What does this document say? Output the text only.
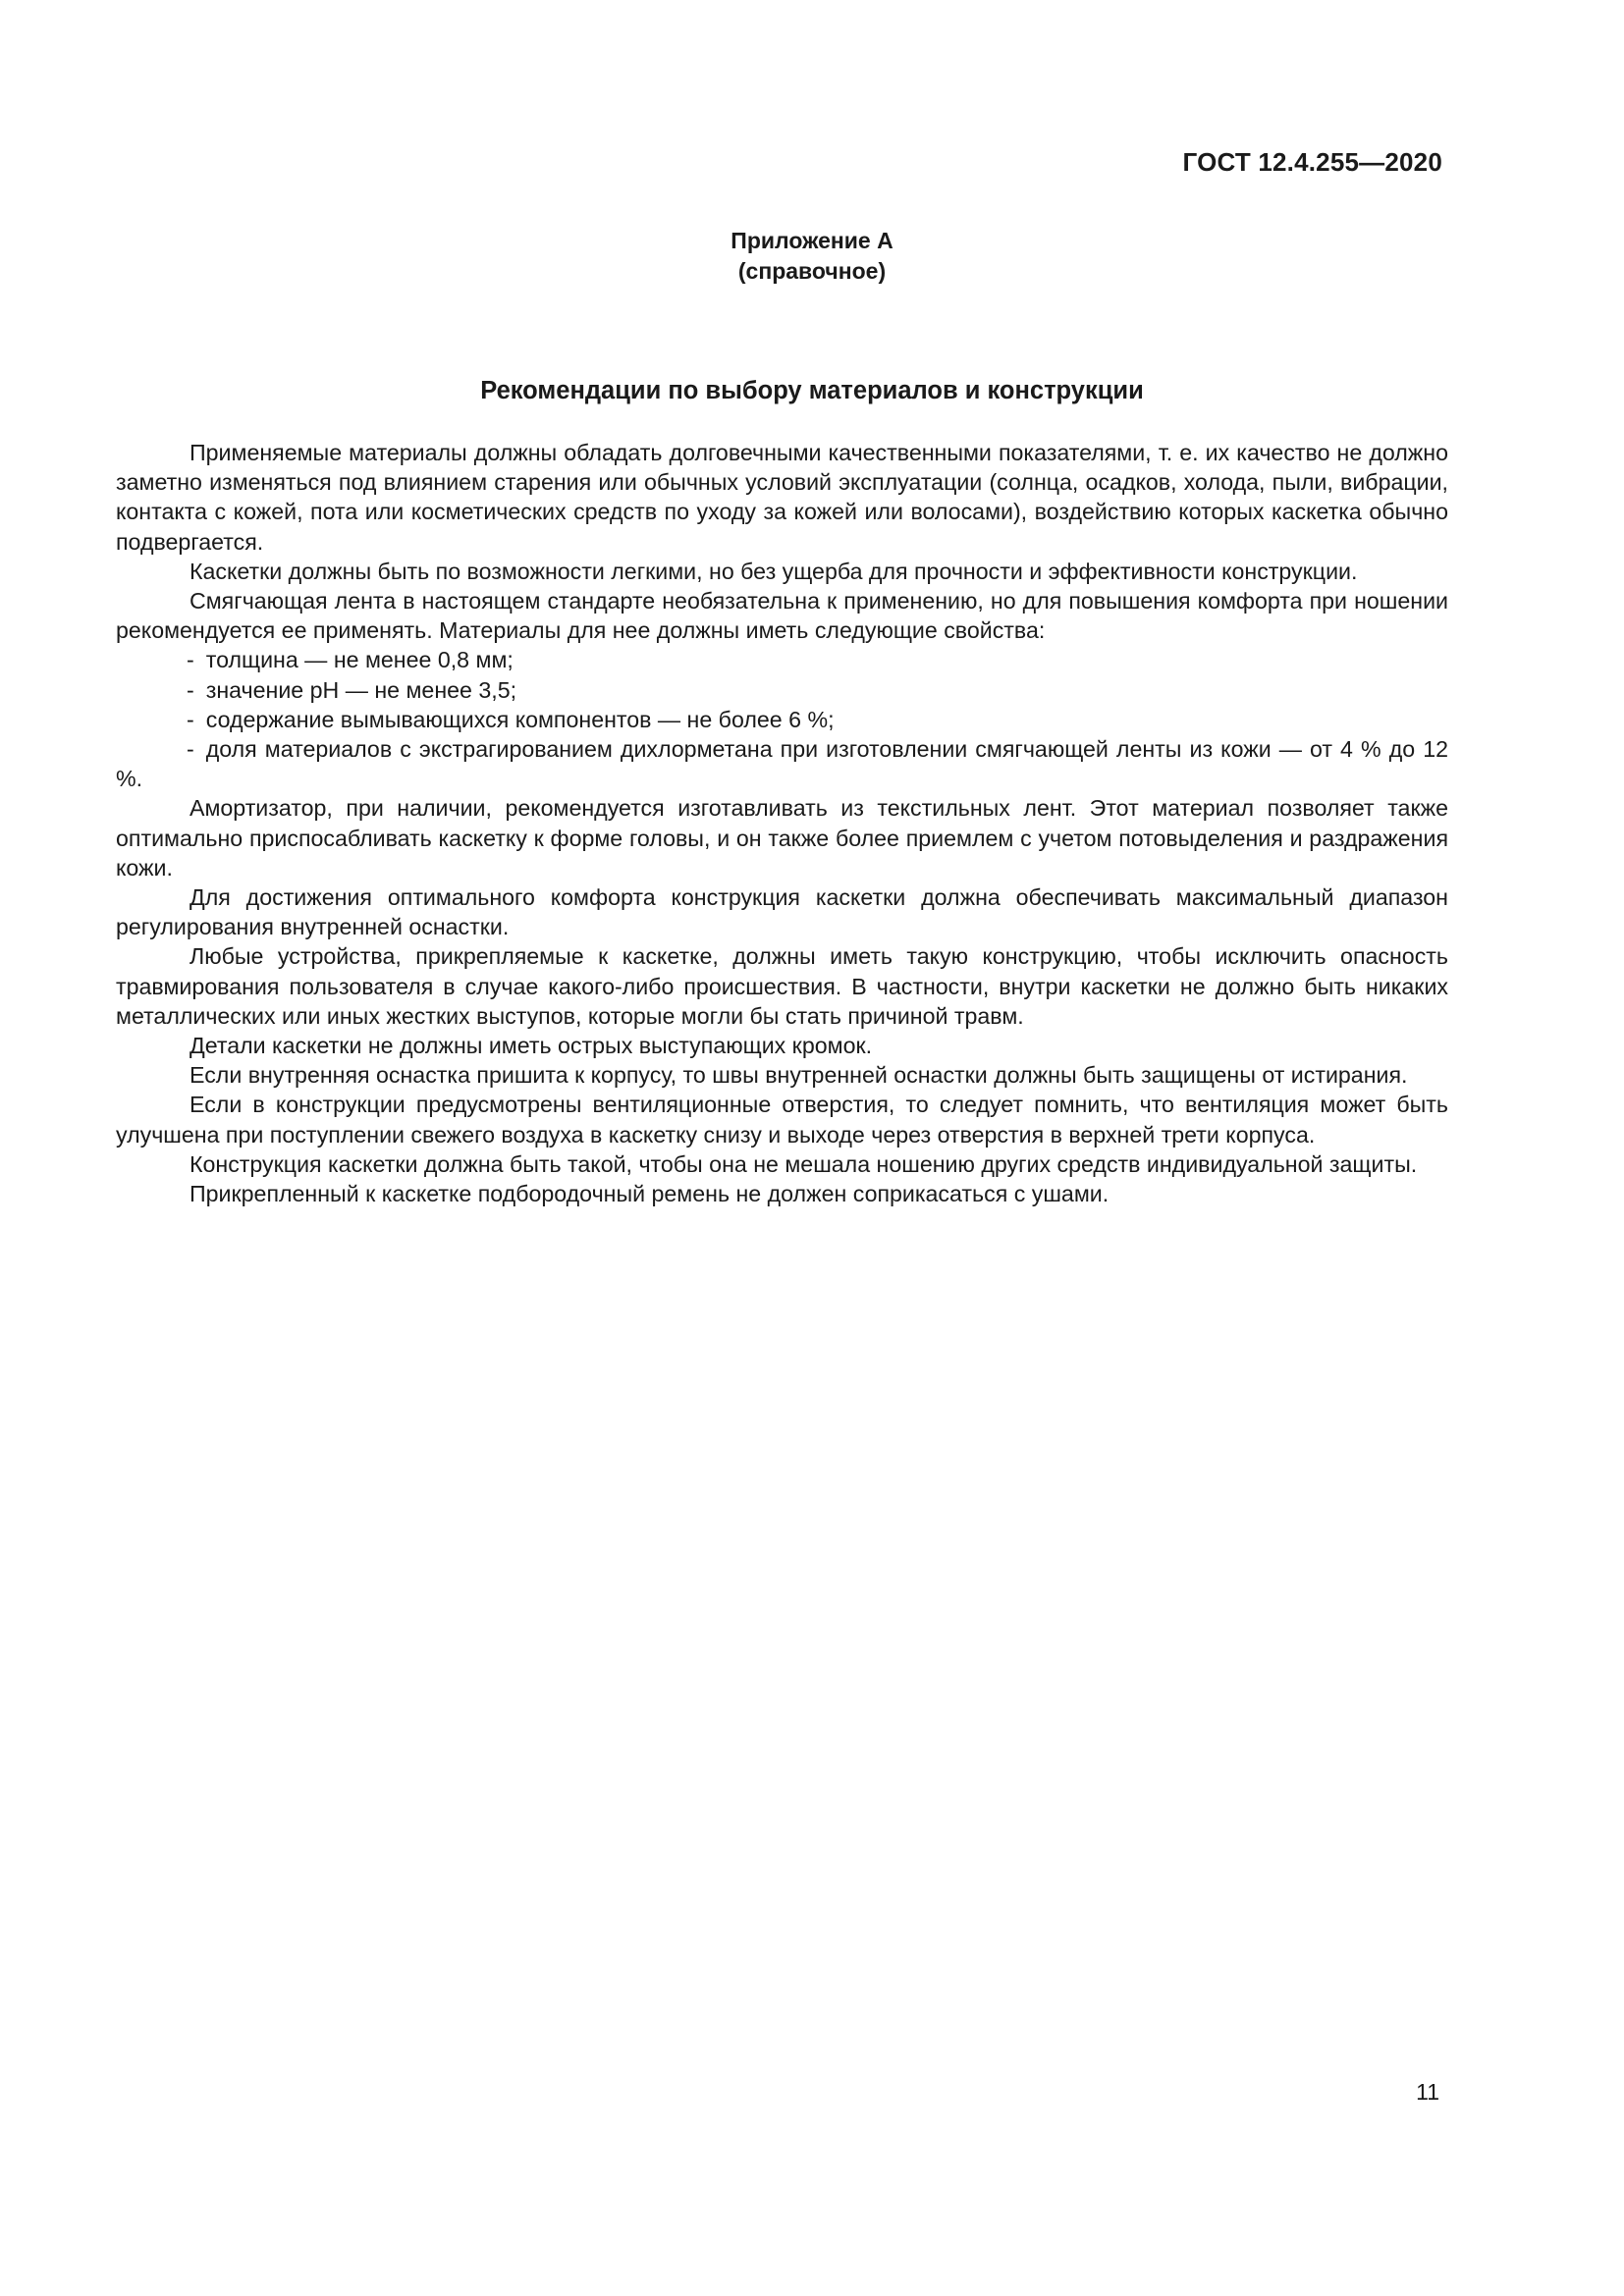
ГОСТ 12.4.255—2020
Приложение А
(справочное)
Рекомендации по выбору материалов и конструкции

Применяемые материалы должны обладать долговечными качественными показателями, т. е. их качество не должно заметно изменяться под влиянием старения или обычных условий эксплуатации (солнца, осадков, холода, пыли, вибрации, контакта с кожей, пота или косметических средств по уходу за кожей или волосами), воздействию которых каскетка обычно подвергается.

Каскетки должны быть по возможности легкими, но без ущерба для прочности и эффективности конструкции.

Смягчающая лента в настоящем стандарте необязательна к применению, но для повышения комфорта при ношении рекомендуется ее применять. Материалы для нее должны иметь следующие свойства:

- толщина — не менее 0,8 мм;
- значение pH — не менее 3,5;
- содержание вымывающихся компонентов — не более 6 %;
- доля материалов с экстрагированием дихлорметана при изготовлении смягчающей ленты из кожи — от 4 % до 12 %.

Амортизатор, при наличии, рекомендуется изготавливать из текстильных лент. Этот материал позволяет также оптимально приспосабливать каскетку к форме головы, и он также более приемлем с учетом потовыделения и раздражения кожи.

Для достижения оптимального комфорта конструкция каскетки должна обеспечивать максимальный диапазон регулирования внутренней оснастки.

Любые устройства, прикрепляемые к каскетке, должны иметь такую конструкцию, чтобы исключить опасность травмирования пользователя в случае какого-либо происшествия. В частности, внутри каскетки не должно быть никаких металлических или иных жестких выступов, которые могли бы стать причиной травм.

Детали каскетки не должны иметь острых выступающих кромок.

Если внутренняя оснастка пришита к корпусу, то швы внутренней оснастки должны быть защищены от истирания.

Если в конструкции предусмотрены вентиляционные отверстия, то следует помнить, что вентиляция может быть улучшена при поступлении свежего воздуха в каскетку снизу и выходе через отверстия в верхней трети корпуса.

Конструкция каскетки должна быть такой, чтобы она не мешала ношению других средств индивидуальной защиты.

Прикрепленный к каскетке подбородочный ремень не должен соприкасаться с ушами.

11
